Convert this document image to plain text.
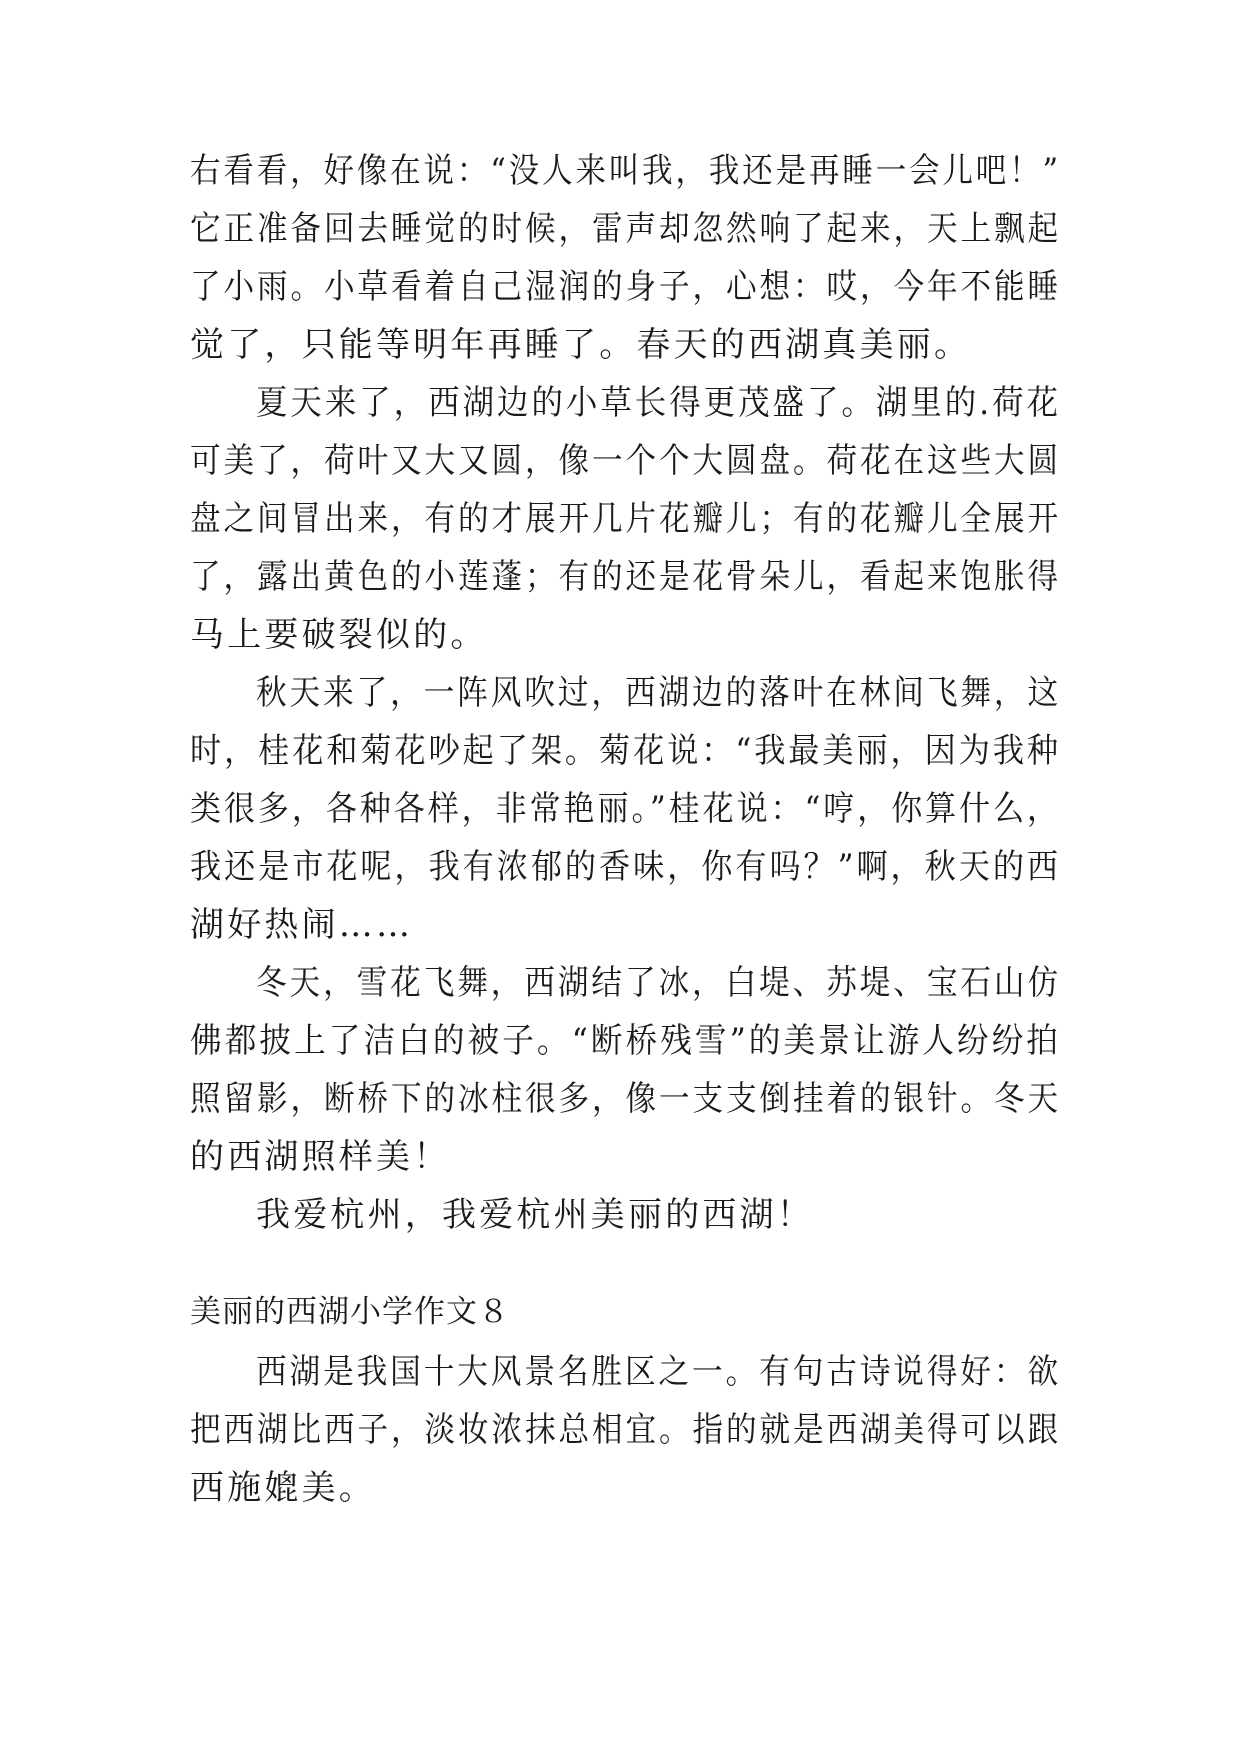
右看看，好像在说：“没人来叫我，我还是再睡一会儿吧！”
它正准备回去睡觉的时候，雷声却忽然响了起来，天上飘起
了小雨。小草看着自己湿润的身子，心想：哎，今年不能睡
觉了，只能等明年再睡了。春天的西湖真美丽。
夏天来了，西湖边的小草长得更茂盛了。湖里的.荷花
可美了，荷叶又大又圆，像一个个大圆盘。荷花在这些大圆
盘之间冒出来，有的才展开几片花瓣儿；有的花瓣儿全展开
了，露出黄色的小莲蓬；有的还是花骨朵儿，看起来饱胀得
马上要破裂似的。
秋天来了，一阵风吹过，西湖边的落叶在林间飞舞，这
时，桂花和菊花吵起了架。菊花说：“我最美丽，因为我种
类很多，各种各样，非常艳丽。”桂花说：“哼，你算什么，
我还是市花呢，我有浓郁的香味，你有吗？”啊，秋天的西
湖好热闹……
冬天，雪花飞舞，西湖结了冰，白堤、苏堤、宝石山仿
佛都披上了洁白的被子。“断桥残雪”的美景让游人纷纷拍
照留影，断桥下的冰柱很多，像一支支倒挂着的银针。冬天
的西湖照样美！
我爱杭州，我爱杭州美丽的西湖！
美丽的西湖小学作文８
西湖是我国十大风景名胜区之一。有句古诗说得好：欲
把西湖比西子，淡妆浓抹总相宜。指的就是西湖美得可以跟
西施媲美。
